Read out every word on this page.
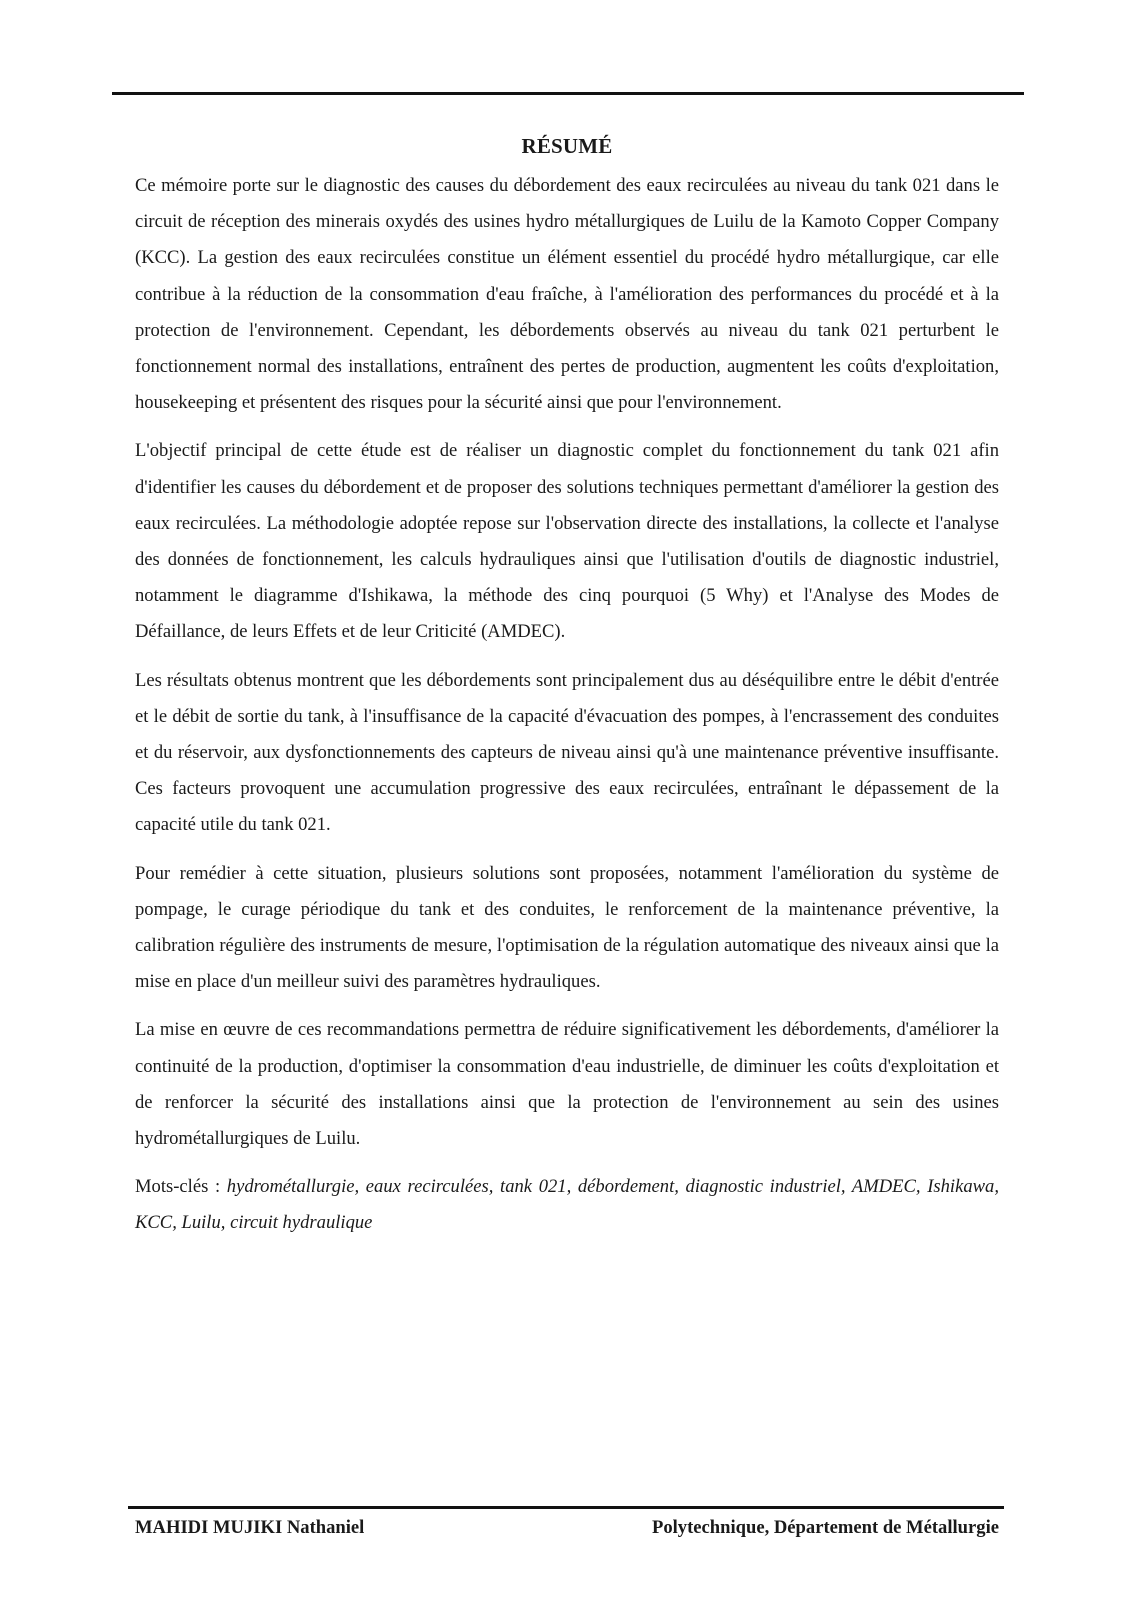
RÉSUMÉ

Ce mémoire porte sur le diagnostic des causes du débordement des eaux recirculées au niveau du tank 021 dans le circuit de réception des minerais oxydés des usines hydro métallurgiques de Luilu de la Kamoto Copper Company (KCC). La gestion des eaux recirculées constitue un élément essentiel du procédé hydro métallurgique, car elle contribue à la réduction de la consommation d'eau fraîche, à l'amélioration des performances du procédé et à la protection de l'environnement. Cependant, les débordements observés au niveau du tank 021 perturbent le fonctionnement normal des installations, entraînent des pertes de production, augmentent les coûts d'exploitation, housekeeping et présentent des risques pour la sécurité ainsi que pour l'environnement.

L'objectif principal de cette étude est de réaliser un diagnostic complet du fonctionnement du tank 021 afin d'identifier les causes du débordement et de proposer des solutions techniques permettant d'améliorer la gestion des eaux recirculées. La méthodologie adoptée repose sur l'observation directe des installations, la collecte et l'analyse des données de fonctionnement, les calculs hydrauliques ainsi que l'utilisation d'outils de diagnostic industriel, notamment le diagramme d'Ishikawa, la méthode des cinq pourquoi (5 Why) et l'Analyse des Modes de Défaillance, de leurs Effets et de leur Criticité (AMDEC).

Les résultats obtenus montrent que les débordements sont principalement dus au déséquilibre entre le débit d'entrée et le débit de sortie du tank, à l'insuffisance de la capacité d'évacuation des pompes, à l'encrassement des conduites et du réservoir, aux dysfonctionnements des capteurs de niveau ainsi qu'à une maintenance préventive insuffisante. Ces facteurs provoquent une accumulation progressive des eaux recirculées, entraînant le dépassement de la capacité utile du tank 021.

Pour remédier à cette situation, plusieurs solutions sont proposées, notamment l'amélioration du système de pompage, le curage périodique du tank et des conduites, le renforcement de la maintenance préventive, la calibration régulière des instruments de mesure, l'optimisation de la régulation automatique des niveaux ainsi que la mise en place d'un meilleur suivi des paramètres hydrauliques.

La mise en œuvre de ces recommandations permettra de réduire significativement les débordements, d'améliorer la continuité de la production, d'optimiser la consommation d'eau industrielle, de diminuer les coûts d'exploitation et de renforcer la sécurité des installations ainsi que la protection de l'environnement au sein des usines hydrométallurgiques de Luilu.

Mots-clés : hydrométallurgie, eaux recirculées, tank 021, débordement, diagnostic industriel, AMDEC, Ishikawa, KCC, Luilu, circuit hydraulique

MAHIDI MUJIKI Nathaniel	Polytechnique, Département de Métallurgie
